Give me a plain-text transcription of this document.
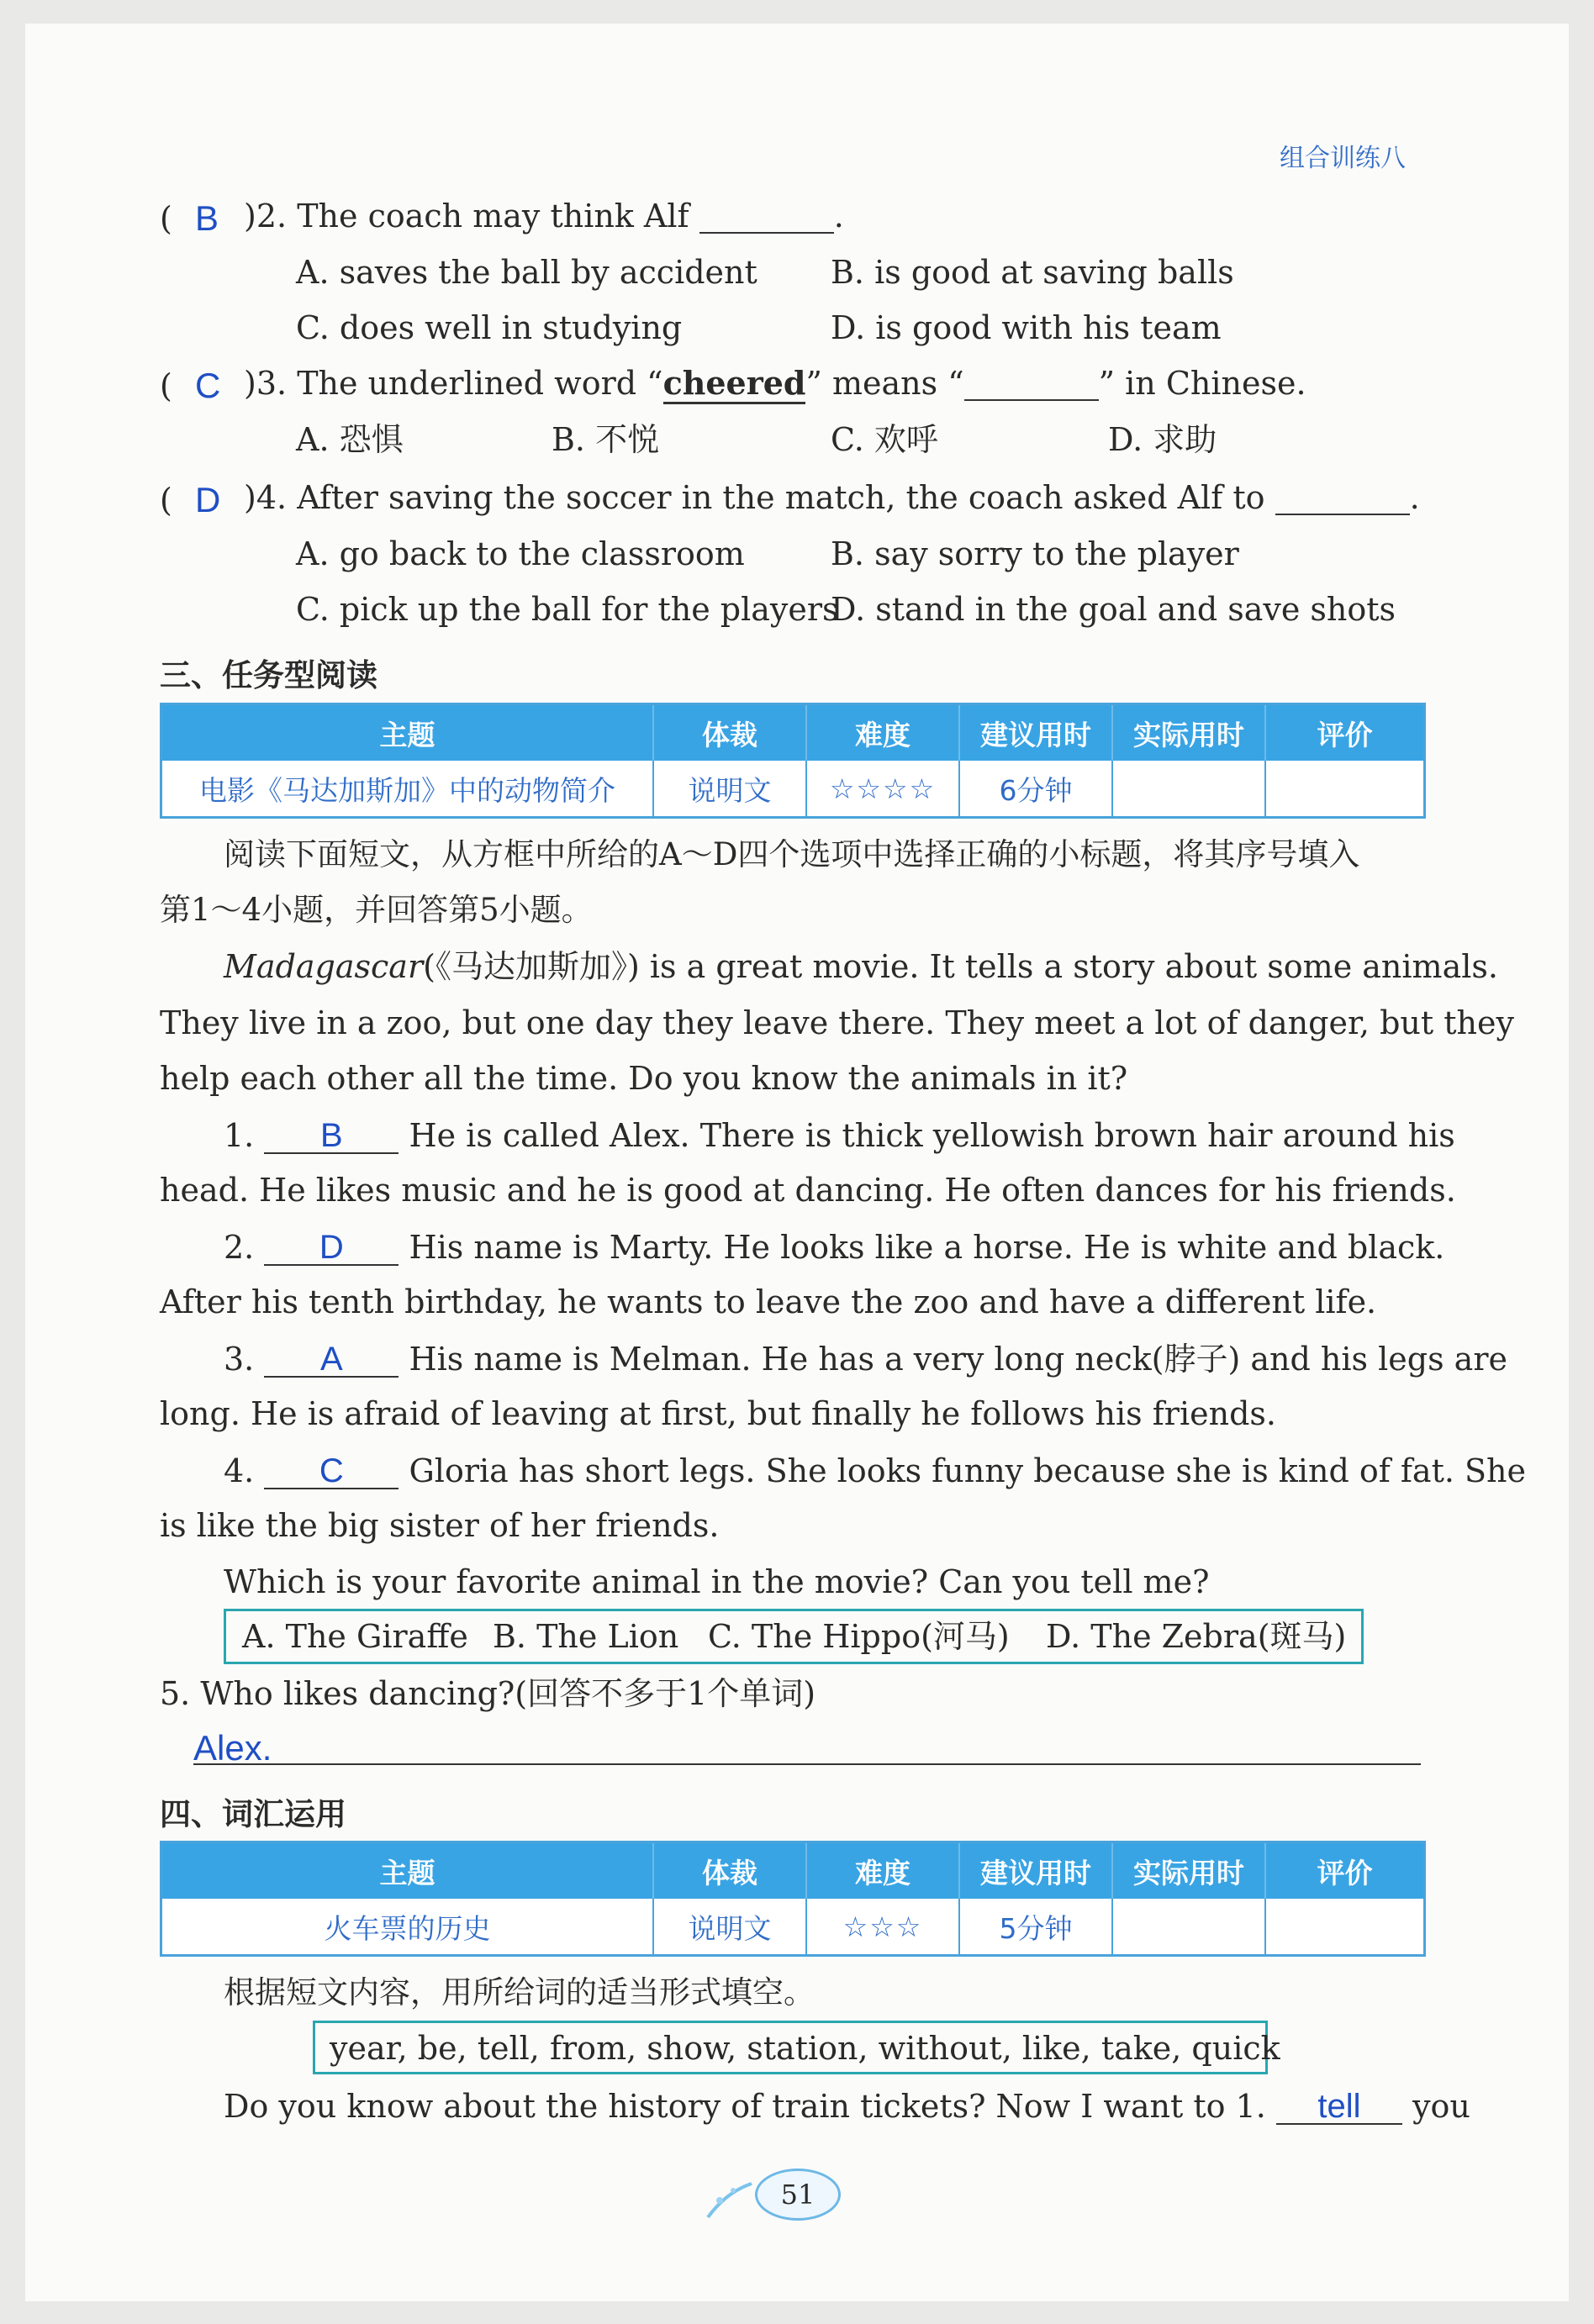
组合训练八
( B )2. The coach may think Alf	.
A. saves the ball by accident B. is good at saving balls
C. does well in studying	D. is good with his team
( C )3. The underlined word “cheered” means “	” in Chinese.
A. 恐惧	B. 不悦	C. 欢呼	D. 求助
( D )4. After saving the soccer in the match, the coach asked Alf to	.
A. go back to the classroom	B. say sorry to the player
C. pick up the ball for the players
D. stand in the goal and save shots
三、任务型阅读
主题	体裁	难度	建议用时	实际用时	评价
电影《马达加斯加》中的动物简介	说明文	☆☆☆☆	6分钟
阅读下面短文，从方框中所给的A～D四个选项中选择正确的小标题，将其序号填入
第1～4小题，并回答第5小题。
Madagascar(《马达加斯加》) is a great movie. It tells a story about some animals.
They live in a zoo, but one day they leave there. They meet a lot of danger, but they
help each other all the time. Do you know the animals in it?
1. B He is called Alex. There is thick yellowish brown hair around his
head. He likes music and he is good at dancing. He often dances for his friends.
2. D His name is Marty. He looks like a horse. He is white and black.
After his tenth birthday, he wants to leave the zoo and have a different life.
3. A His name is Melman. He has a very long neck(脖子) and his legs are
long. He is afraid of leaving at first, but finally he follows his friends.
4. C Gloria has short legs. She looks funny because she is kind of fat. She
is like the big sister of her friends.
Which is your favorite animal in the movie? Can you tell me?
A. The Giraffe B. The Lion C. The Hippo(河马) D. The Zebra(斑马)
5. Who likes dancing?(回答不多于1个单词)
Alex.
四、词汇运用
主题	体裁	难度	建议用时	实际用时	评价
火车票的历史	说明文	☆☆☆	5分钟
根据短文内容，用所给词的适当形式填空。
year, be, tell, from, show, station, without, like, take, quick
Do you know about the history of train tickets? Now I want to 1. tell you
51
